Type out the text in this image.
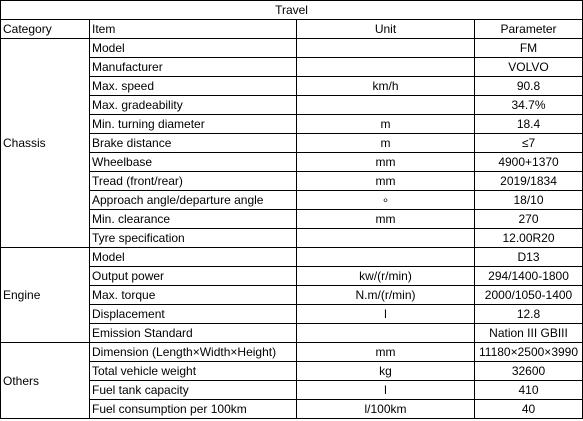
Travel			
Category	Item	Unit	Parameter
Chassis	Model		FM
	Manufacturer		VOLVO
	Max. speed	km/h	90.8
	Max. gradeability		34.7%
	Min. turning diameter	m	18.4
	Brake distance	m	≤7
	Wheelbase	mm	4900+1370
	Tread (front/rear)	mm	2019/1834
	Approach angle/departure angle	∘	18/10
	Min. clearance	mm	270
	Tyre specification		12.00R20
Engine	Model		D13
	Output power	kw/(r/min)	294/1400-1800
	Max. torque	N.m/(r/min)	2000/1050-1400
	Displacement	l	12.8
	Emission Standard		Nation III GBIII
Others	Dimension (Length×Width×Height)	mm	11180×2500×3990
	Total vehicle weight	kg	32600
	Fuel tank capacity	l	410
	Fuel consumption per 100km	l/100km	40
